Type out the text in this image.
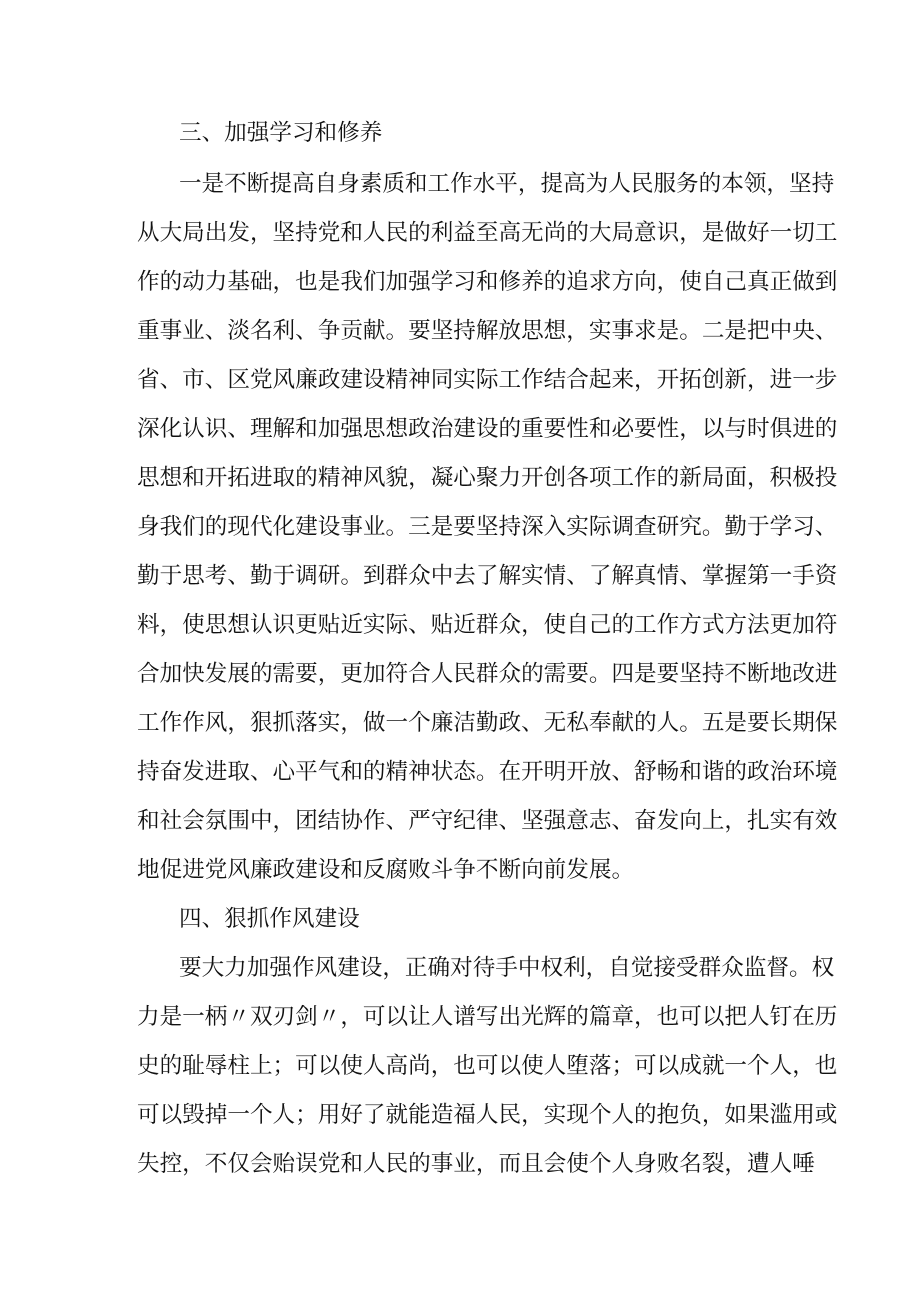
三、加强学习和修养
一是不断提高自身素质和工作水平，提高为人民服务的本领，坚持
从大局出发，坚持党和人民的利益至高无尚的大局意识，是做好一切工
作的动力基础，也是我们加强学习和修养的追求方向，使自己真正做到
重事业、淡名利、争贡献。要坚持解放思想，实事求是。二是把中央、
省、市、区党风廉政建设精神同实际工作结合起来，开拓创新，进一步
深化认识、理解和加强思想政治建设的重要性和必要性，以与时俱进的
思想和开拓进取的精神风貌，凝心聚力开创各项工作的新局面，积极投
身我们的现代化建设事业。三是要坚持深入实际调查研究。勤于学习、
勤于思考、勤于调研。到群众中去了解实情、了解真情、掌握第一手资
料，使思想认识更贴近实际、贴近群众，使自己的工作方式方法更加符
合加快发展的需要，更加符合人民群众的需要。四是要坚持不断地改进
工作作风，狠抓落实，做一个廉洁勤政、无私奉献的人。五是要长期保
持奋发进取、心平气和的精神状态。在开明开放、舒畅和谐的政治环境
和社会氛围中，团结协作、严守纪律、坚强意志、奋发向上，扎实有效
地促进党风廉政建设和反腐败斗争不断向前发展。
四、狠抓作风建设
要大力加强作风建设，正确对待手中权利，自觉接受群众监督。权
力是一柄〃双刃剑〃，可以让人谱写出光辉的篇章，也可以把人钉在历
史的耻辱柱上；可以使人高尚，也可以使人堕落；可以成就一个人，也
可以毁掉一个人；用好了就能造福人民，实现个人的抱负，如果滥用或
失控，不仅会贻误党和人民的事业，而且会使个人身败名裂，遭人唾
